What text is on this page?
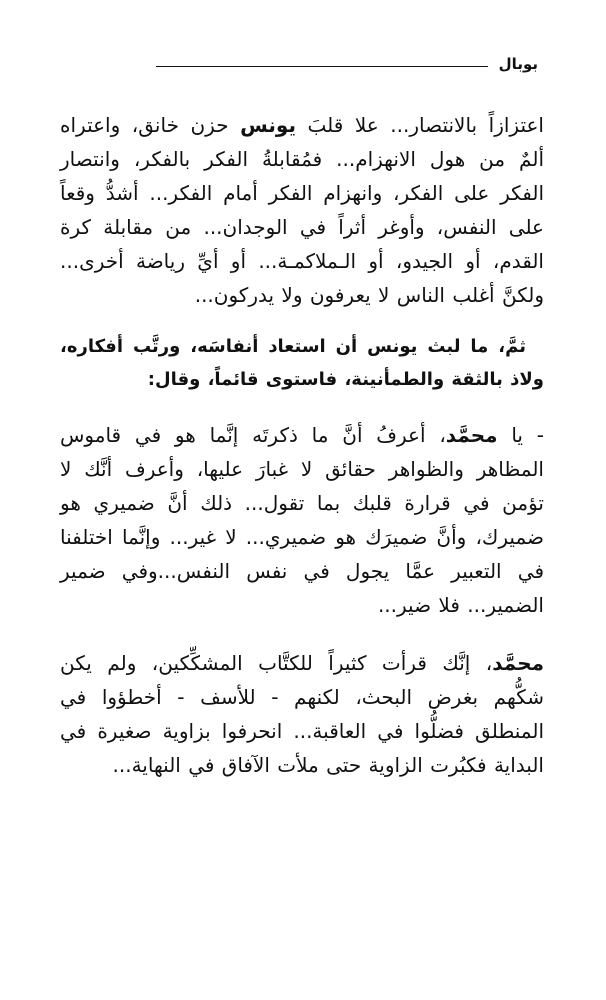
بوبال

اعتزازاً بالانتصار... علا قلبَ يونس حزن خانق، واعتراه ألمٌ من هول الانهزام... فمُقابلةُ الفكر بالفكر، وانتصار الفكر على الفكر، وانهزام الفكر أمام الفكر... أشدُّ وقعاً على النفس، وأوغر أثراً في الوجدان... من مقابلة كرة القدم، أو الجيدو، أو الـملاكمـة... أو أيِّ رياضة أخرى... ولكنَّ أغلب الناس لا يعرفون ولا يدركون...

ثمَّ، ما لبث يونس أن استعاد أنفاسَه، ورتَّب أفكاره، ولاذ بالثقة والطمأنينة، فاستوى قائماً، وقال:

- يا محمَّد، أعرفُ أنَّ ما ذكرتَه إنَّما هو في قاموس المظاهر والظواهر حقائق لا غبارَ عليها، وأعرف أنَّك لا تؤمن في قرارة قلبك بما تقول... ذلك أنَّ ضميري هو ضميرك، وأنَّ ضميرَك هو ضميري... لا غير... وإنَّما اختلفنا في التعبير عمَّا يجول في نفس النفس...وفي ضمير الضمير... فلا ضير...

محمَّد، إنَّك قرأت كثيراً للكتَّاب المشكِّكين، ولم يكن شكُّهم بغرض البحث، لكنهم - للأسف - أخطؤوا في المنطلق فضلُّوا في العاقبة... انحرفوا بزاوية صغيرة في البداية فكبُرت الزاوية حتى ملأت الآفاق في النهاية...
